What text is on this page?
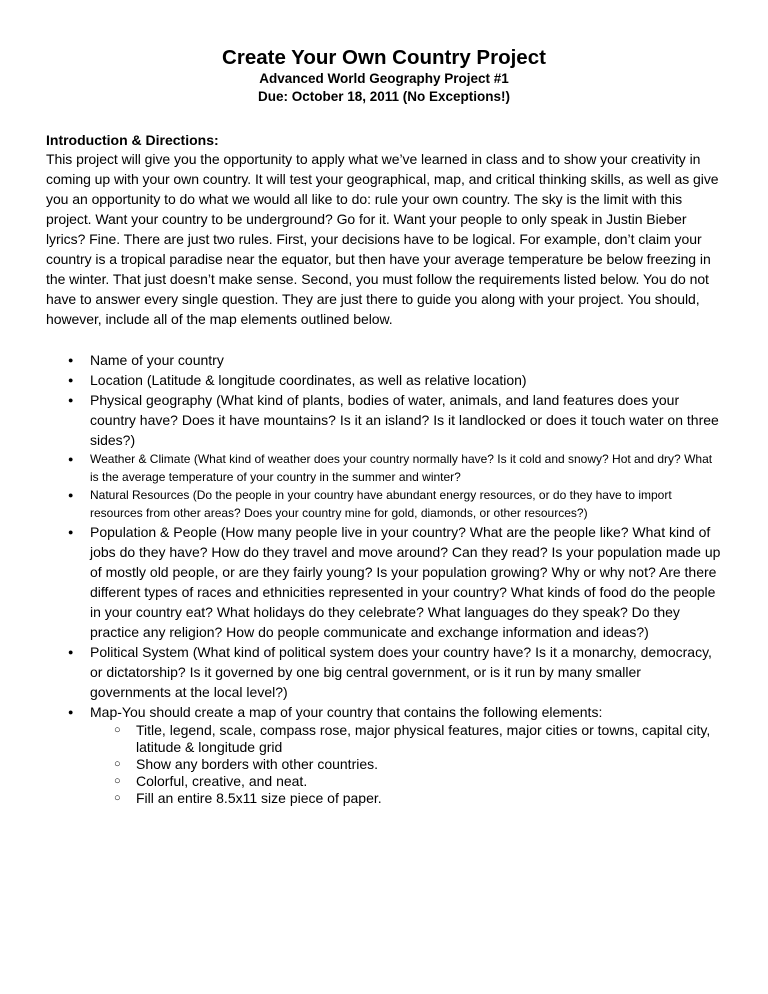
Create Your Own Country Project

Advanced World Geography Project #1

Due: October 18, 2011 (No Exceptions!)

Introduction & Directions:

This project will give you the opportunity to apply what we’ve learned in class and to show your creativity in coming up with your own country. It will test your geographical, map, and critical thinking skills, as well as give you an opportunity to do what we would all like to do: rule your own country. The sky is the limit with this project. Want your country to be underground? Go for it. Want your people to only speak in Justin Bieber lyrics? Fine. There are just two rules. First, your decisions have to be logical. For example, don’t claim your country is a tropical paradise near the equator, but then have your average temperature be below freezing in the winter. That just doesn’t make sense. Second, you must follow the requirements listed below. You do not have to answer every single question. They are just there to guide you along with your project. You should, however, include all of the map elements outlined below.

● Name of your country
● Location (Latitude & longitude coordinates, as well as relative location)
● Physical geography (What kind of plants, bodies of water, animals, and land features does your country have? Does it have mountains? Is it an island? Is it landlocked or does it touch water on three sides?)
● Weather & Climate (What kind of weather does your country normally have? Is it cold and snowy? Hot and dry? What is the average temperature of your country in the summer and winter?
● Natural Resources (Do the people in your country have abundant energy resources, or do they have to import resources from other areas? Does your country mine for gold, diamonds, or other resources?)
● Population & People (How many people live in your country? What are the people like? What kind of jobs do they have? How do they travel and move around? Can they read? Is your population made up of mostly old people, or are they fairly young? Is your population growing? Why or why not? Are there different types of races and ethnicities represented in your country? What kinds of food do the people in your country eat? What holidays do they celebrate? What languages do they speak? Do they practice any religion? How do people communicate and exchange information and ideas?)
● Political System (What kind of political system does your country have? Is it a monarchy, democracy, or dictatorship? Is it governed by one big central government, or is it run by many smaller governments at the local level?)
● Map-You should create a map of your country that contains the following elements:
○ Title, legend, scale, compass rose, major physical features, major cities or towns, capital city, latitude & longitude grid
○ Show any borders with other countries.
○ Colorful, creative, and neat.
○ Fill an entire 8.5x11 size piece of paper.
